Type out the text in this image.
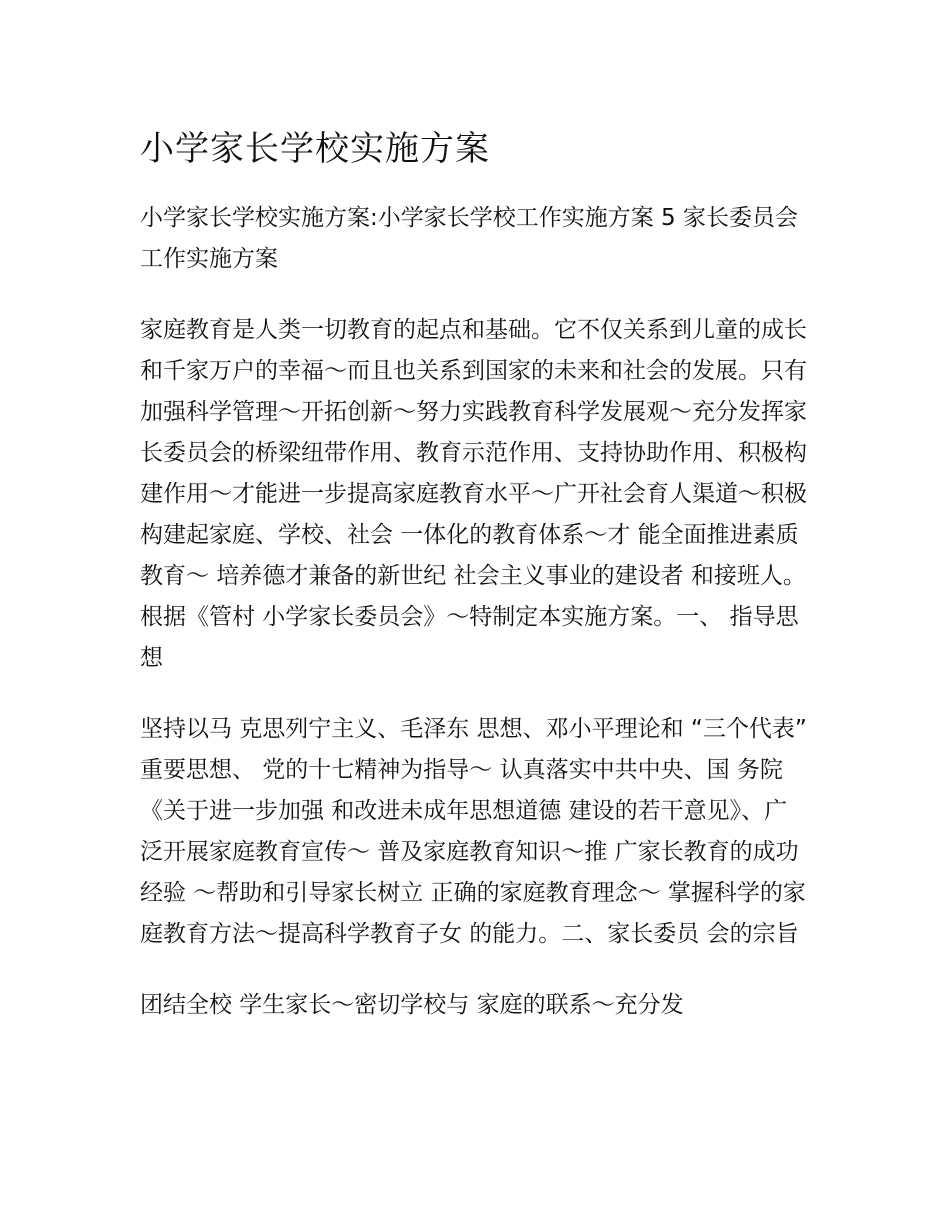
小学家长学校实施方案

小学家长学校实施方案:小学家长学校工作实施方案 5 家长委员会工作实施方案

家庭教育是人类一切教育的起点和基础。它不仅关系到儿童的成长和千家万户的幸福～而且也关系到国家的未来和社会的发展。只有加强科学管理～开拓创新～努力实践教育科学发展观～充分发挥家长委员会的桥梁纽带作用、教育示范作用、支持协助作用、积极构建作用～才能进一步提高家庭教育水平～广开社会育人渠道～积极构建起家庭、学校、社会 一体化的教育体系～才 能全面推进素质教育～ 培养德才兼备的新世纪 社会主义事业的建设者 和接班人。根据《管村 小学家长委员会》～特制定本实施方案。一、 指导思想

坚持以马 克思列宁主义、毛泽东 思想、邓小平理论和 “三个代表” 重要思想、 党的十七精神为指导～ 认真落实中共中央、国 务院《关于进一步加强 和改进未成年思想道德 建设的若干意见》、广 泛开展家庭教育宣传～ 普及家庭教育知识～推 广家长教育的成功经验 ～帮助和引导家长树立 正确的家庭教育理念～ 掌握科学的家庭教育方法～提高科学教育子女 的能力。二、家长委员 会的宗旨

团结全校 学生家长～密切学校与 家庭的联系～充分发
